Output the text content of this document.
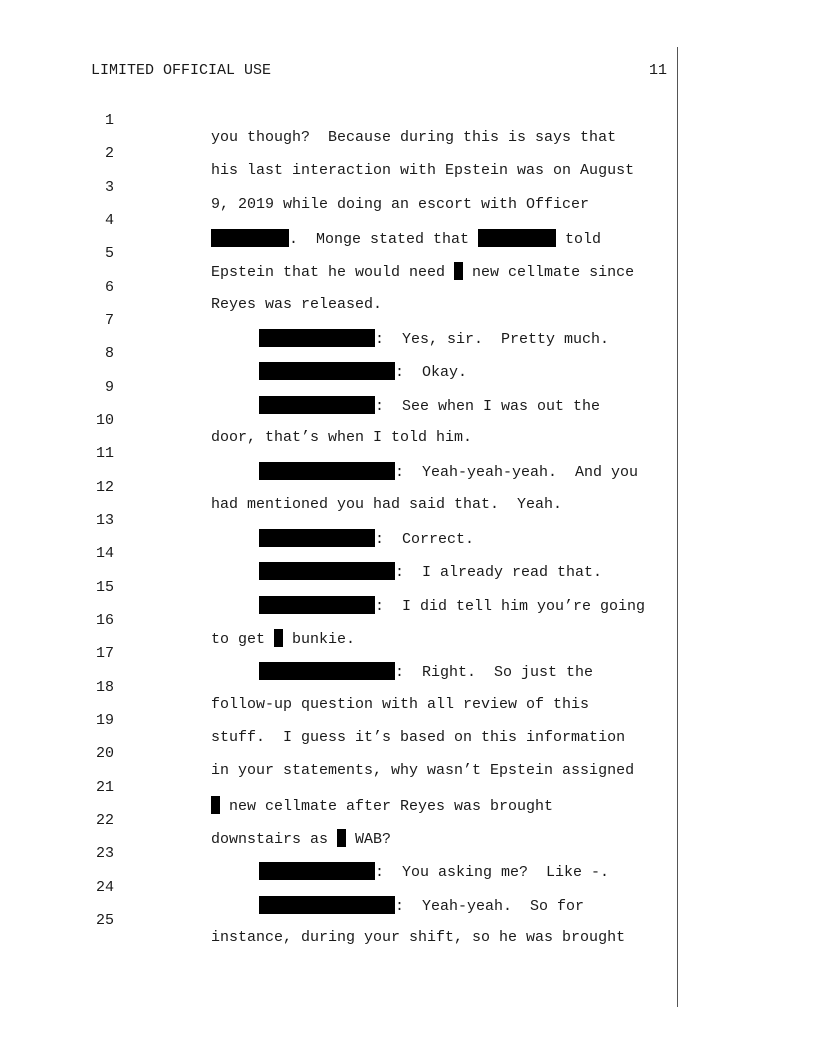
LIMITED OFFICIAL USE	11

1

you though?  Because during this is says that

2

his last interaction with Epstein was on August

3

9, 2019 while doing an escort with Officer

4

.  Monge stated that	told

5

Epstein that he would need  new cellmate since

6

Reyes was released.

7

:  Yes, sir.  Pretty much.

8

:  Okay.

9

:  See when I was out the

10

door, that’s when I told him.

11

:  Yeah-yeah-yeah.  And you

12

had mentioned you had said that.  Yeah.

13

:  Correct.

14

:  I already read that.

15

:  I did tell him you’re going

16

to get  bunkie.

17

:  Right.  So just the

18

follow-up question with all review of this

19

stuff.  I guess it’s based on this information

20

in your statements, why wasn’t Epstein assigned

21

new cellmate after Reyes was brought

22

downstairs as  WAB?

23

:  You asking me?  Like -.

24

:  Yeah-yeah.  So for

25

instance, during your shift, so he was brought
